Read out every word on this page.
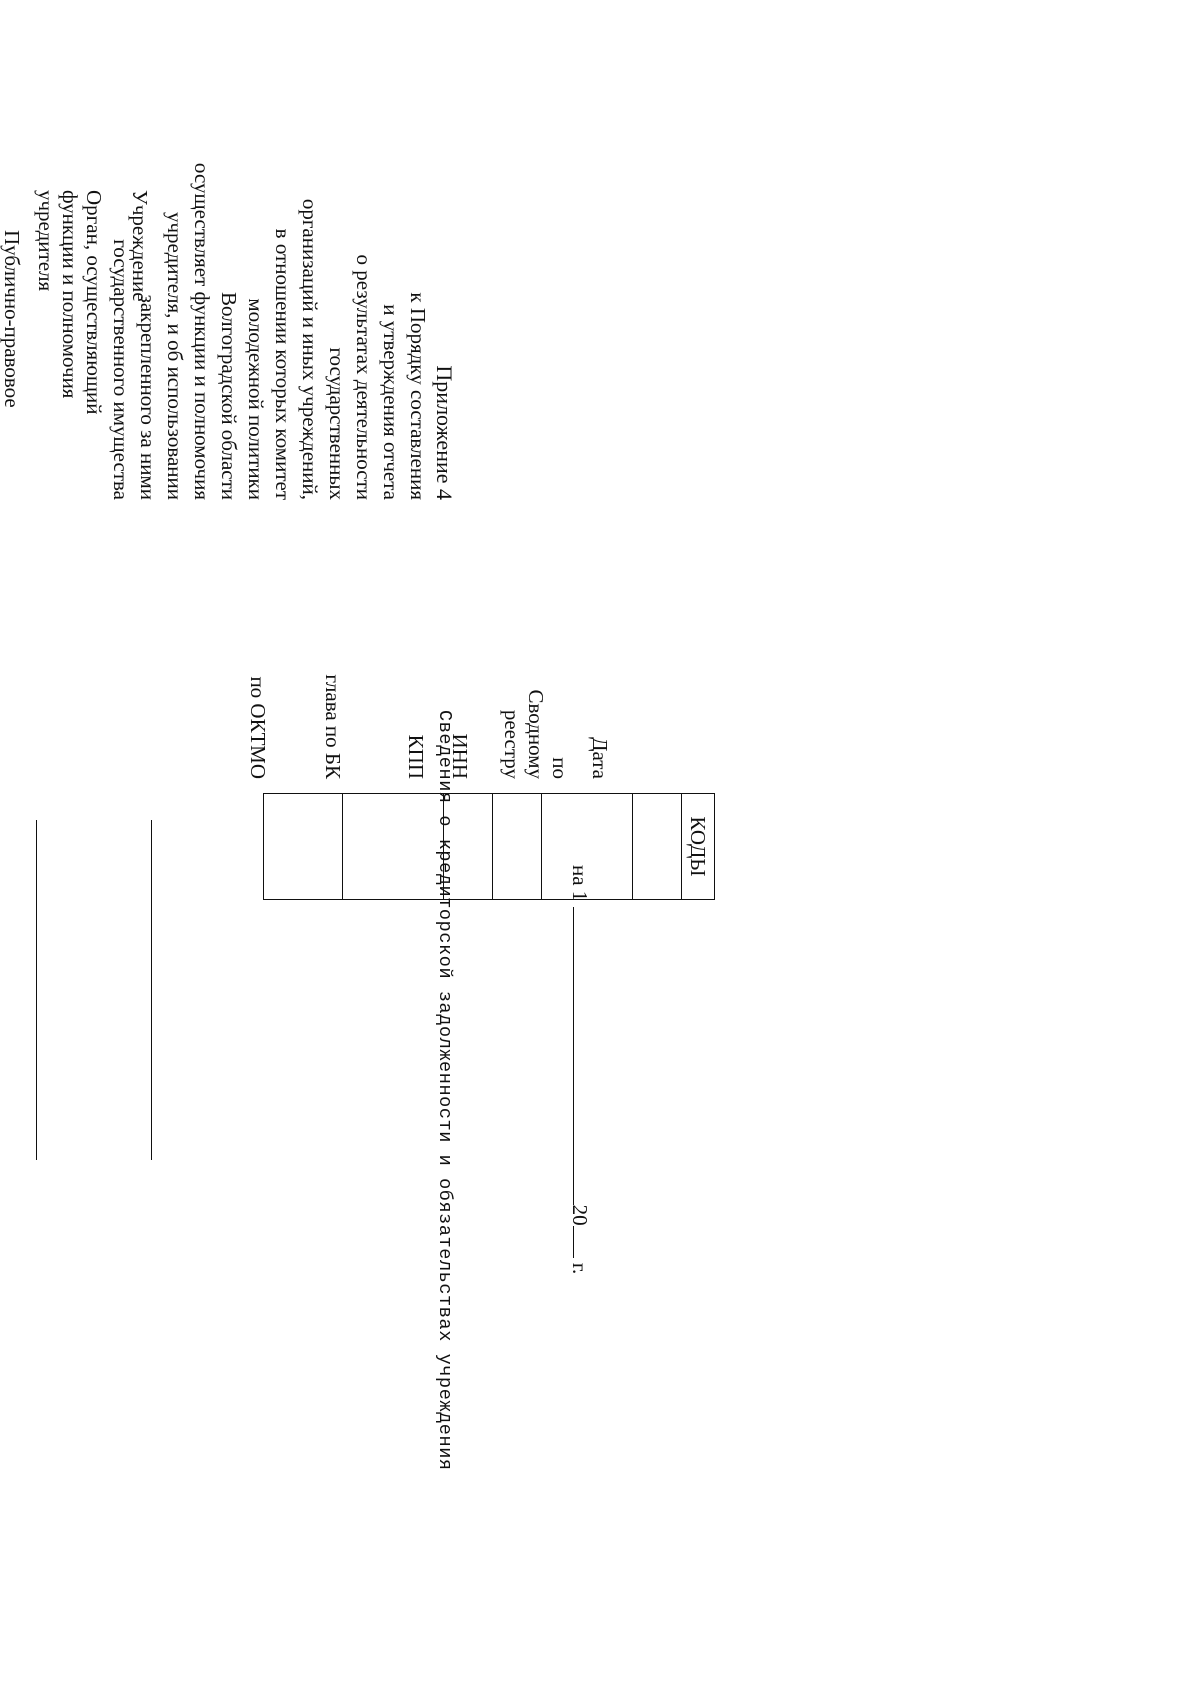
Приложение 4
к Порядку составления
и утверждения отчета
о результатах деятельности
государственных
организаций и иных учреждений,
в отношении которых комитет
молодежной политики
Волгоградской области
осуществляет функции и полномочия
учредителя, и об использовании
закрепленного за ними
государственного имущества
Сведения о кредиторской задолженности и обязательствах учреждения	на 1 20 г.
Учреждение
Орган, осуществляющий
функции и полномочия
учредителя
Публично-правовое
Дата
по
Сводному
реестру
ИНН
КПП
глава по БК
по ОКТМО
КОДЫ
